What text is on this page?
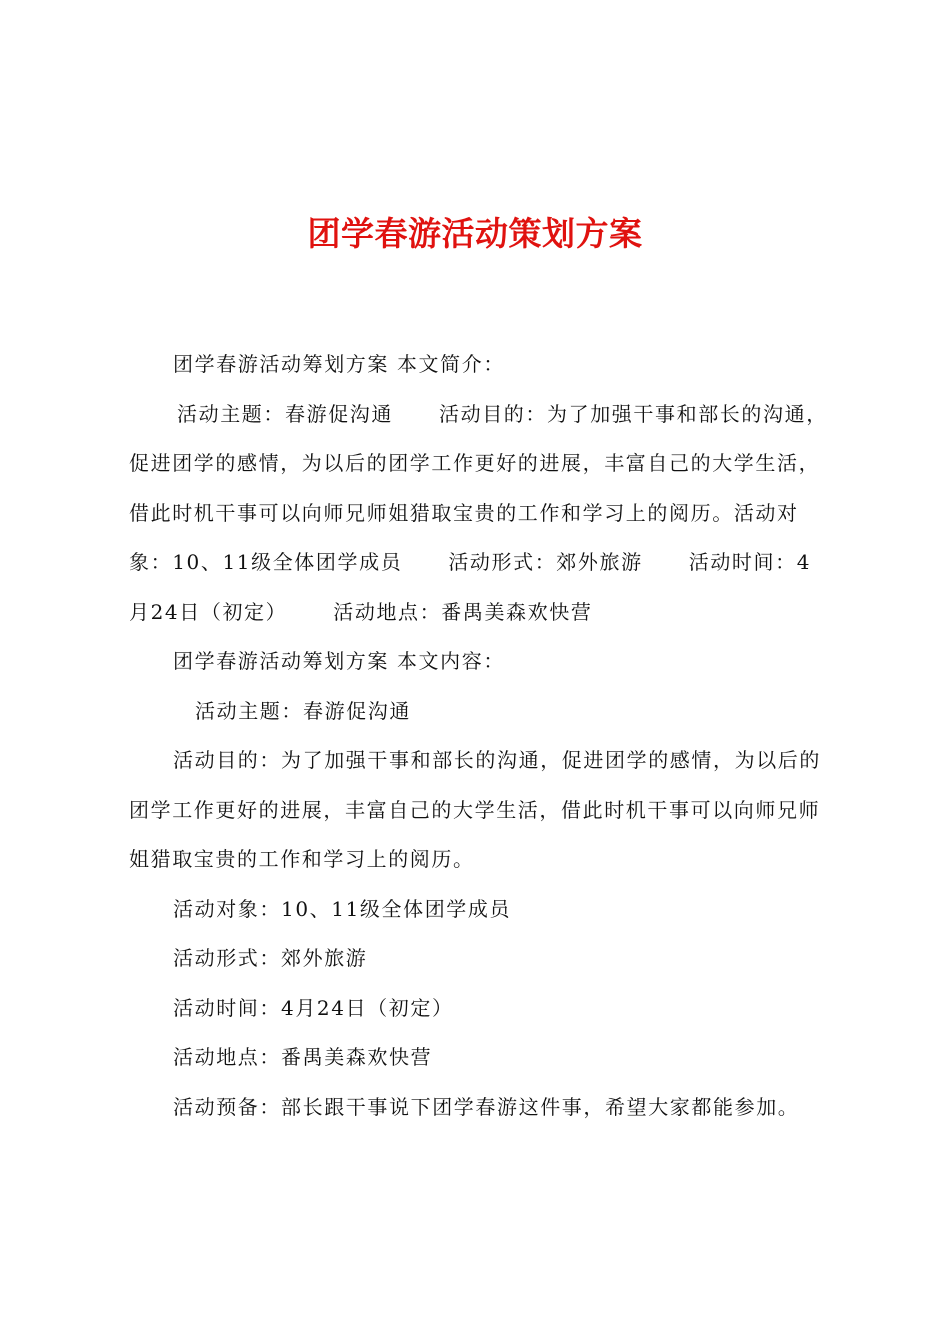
团学春游活动策划方案

团学春游活动筹划方案 本文简介：

活动主题：春游促沟通 活动目的：为了加强干事和部长的沟通，促进团学的感情，为以后的团学工作更好的进展，丰富自己的大学生活，借此时机干事可以向师兄师姐猎取宝贵的工作和学习上的阅历。活动对象：10、11级全体团学成员 活动形式：郊外旅游 活动时间：4月24日（初定） 活动地点：番禺美森欢快营

团学春游活动筹划方案 本文内容：

活动主题：春游促沟通

活动目的：为了加强干事和部长的沟通，促进团学的感情，为以后的团学工作更好的进展，丰富自己的大学生活，借此时机干事可以向师兄师姐猎取宝贵的工作和学习上的阅历。

活动对象：10、11级全体团学成员

活动形式：郊外旅游

活动时间：4月24日（初定）

活动地点：番禺美森欢快营

活动预备：部长跟干事说下团学春游这件事，希望大家都能参加。
